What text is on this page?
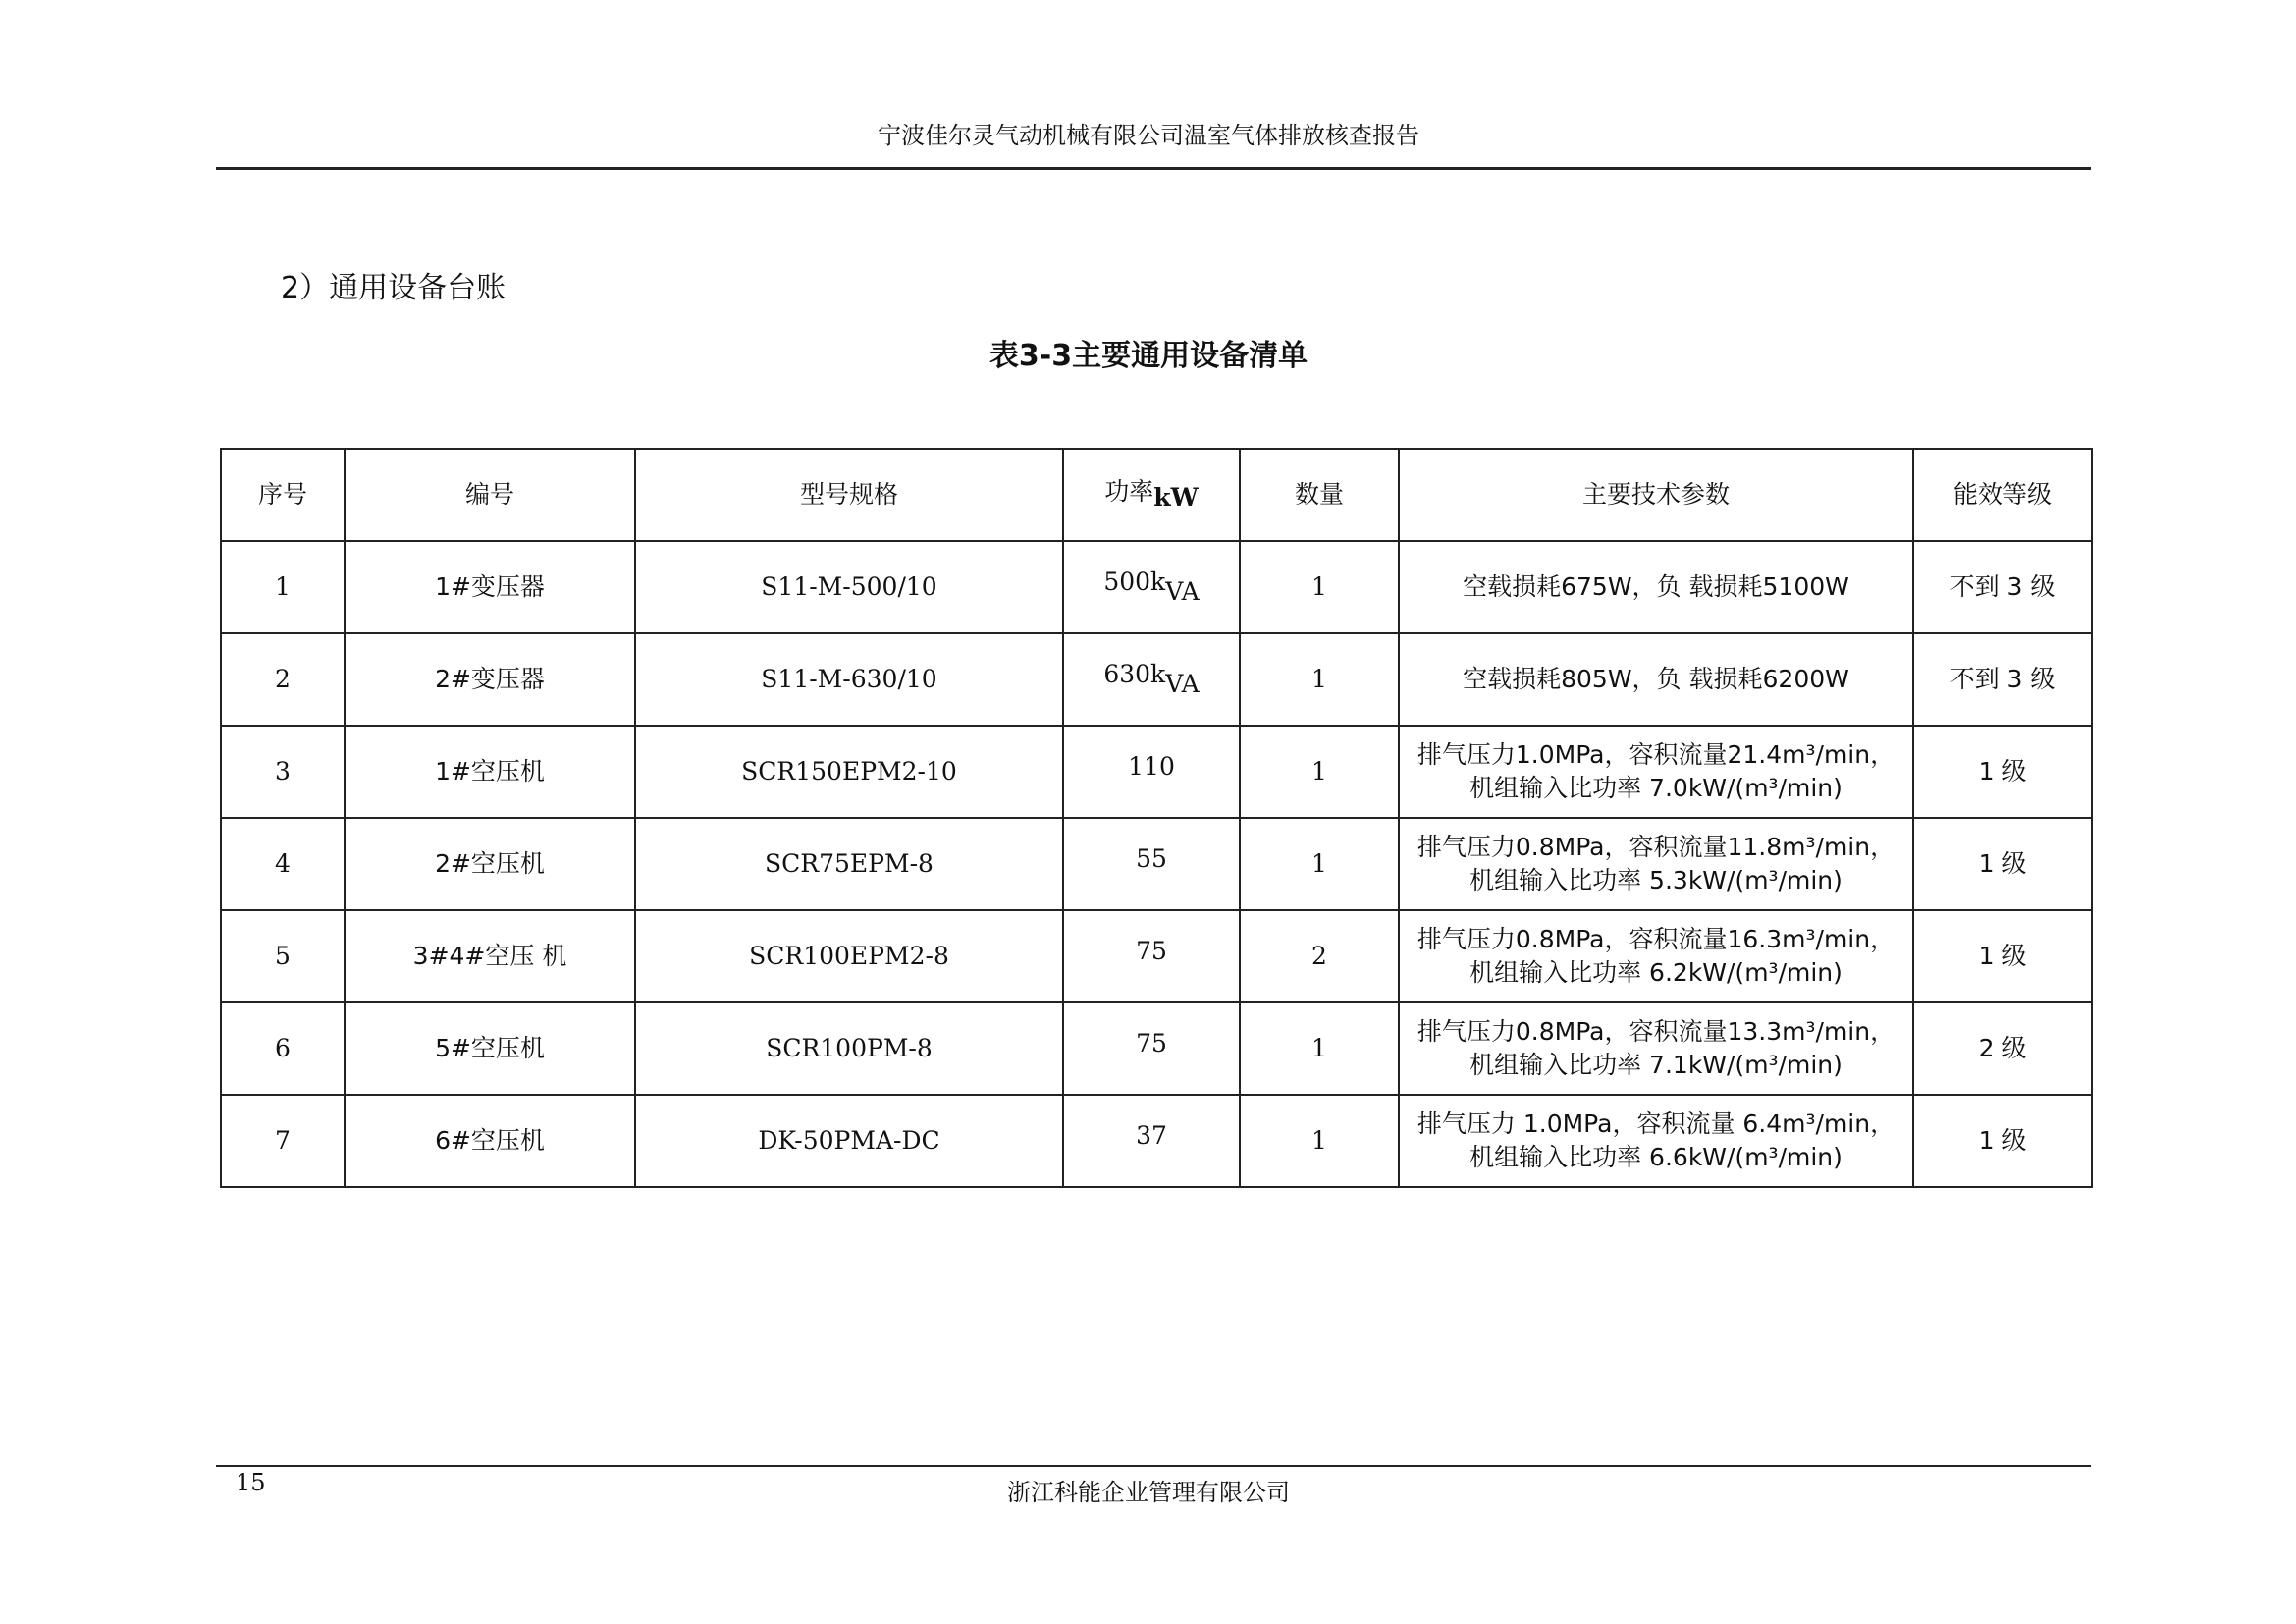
宁波佳尔灵气动机械有限公司温室气体排放核查报告
2）通用设备台账
表3-3主要通用设备清单
序号	编号	型号规格	功率kW	数量	主要技术参数	能效等级
1	1#变压器	S11-M-500/10	500kVA	1	空载损耗675W，负 载损耗5100W	不到 3 级
2	2#变压器	S11-M-630/10	630kVA	1	空载损耗805W，负 载损耗6200W	不到 3 级
3	1#空压机	SCR150EPM2-10	110	1	排气压力1.0MPa，容积流量21.4m³/min，
机组输入比功率 7.0kW/(m³/min)	1 级
4	2#空压机	SCR75EPM-8	55	1	排气压力0.8MPa，容积流量11.8m³/min，
机组输入比功率 5.3kW/(m³/min)	1 级
5	3#4#空压 机	SCR100EPM2-8	75	2	排气压力0.8MPa，容积流量16.3m³/min，
机组输入比功率 6.2kW/(m³/min)	1 级
6	5#空压机	SCR100PM-8	75	1	排气压力0.8MPa，容积流量13.3m³/min，
机组输入比功率 7.1kW/(m³/min)	2 级
7	6#空压机	DK-50PMA-DC	37	1	排气压力 1.0MPa，容积流量 6.4m³/min，
机组输入比功率 6.6kW/(m³/min)	1 级
15	浙江科能企业管理有限公司
